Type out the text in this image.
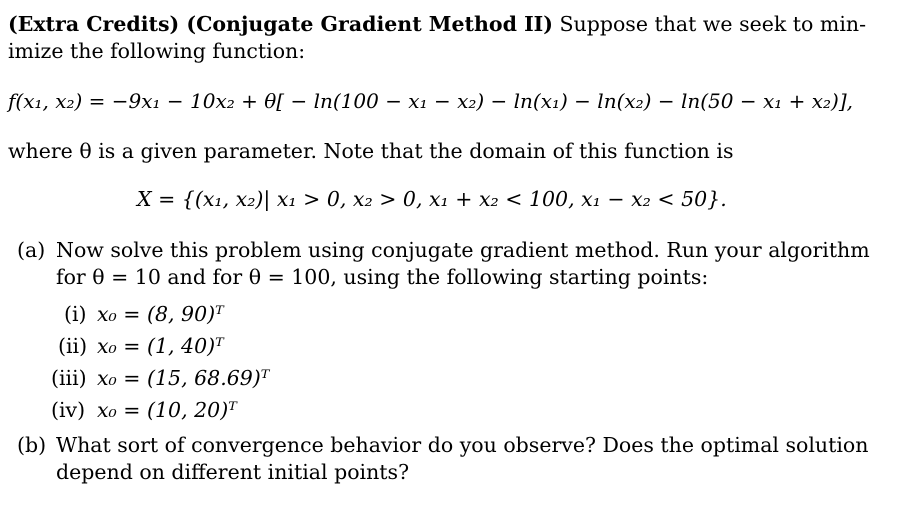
(Extra Credits) (Conjugate Gradient Method II) Suppose that we seek to min-
imize the following function:
f(x₁, x₂) = −9x₁ − 10x₂ + θ[ − ln(100 − x₁ − x₂) − ln(x₁) − ln(x₂) − ln(50 − x₁ + x₂)],
where θ is a given parameter. Note that the domain of this function is
X = {(x₁, x₂)| x₁ > 0, x₂ > 0, x₁ + x₂ < 100, x₁ − x₂ < 50}.
(a) Now solve this problem using conjugate gradient method. Run your algorithm
for θ = 10 and for θ = 100, using the following starting points:
(i) x₀ = (8, 90)ᵀ
(ii) x₀ = (1, 40)ᵀ
(iii) x₀ = (15, 68.69)ᵀ
(iv) x₀ = (10, 20)ᵀ
(b) What sort of convergence behavior do you observe? Does the optimal solution
depend on different initial points?
